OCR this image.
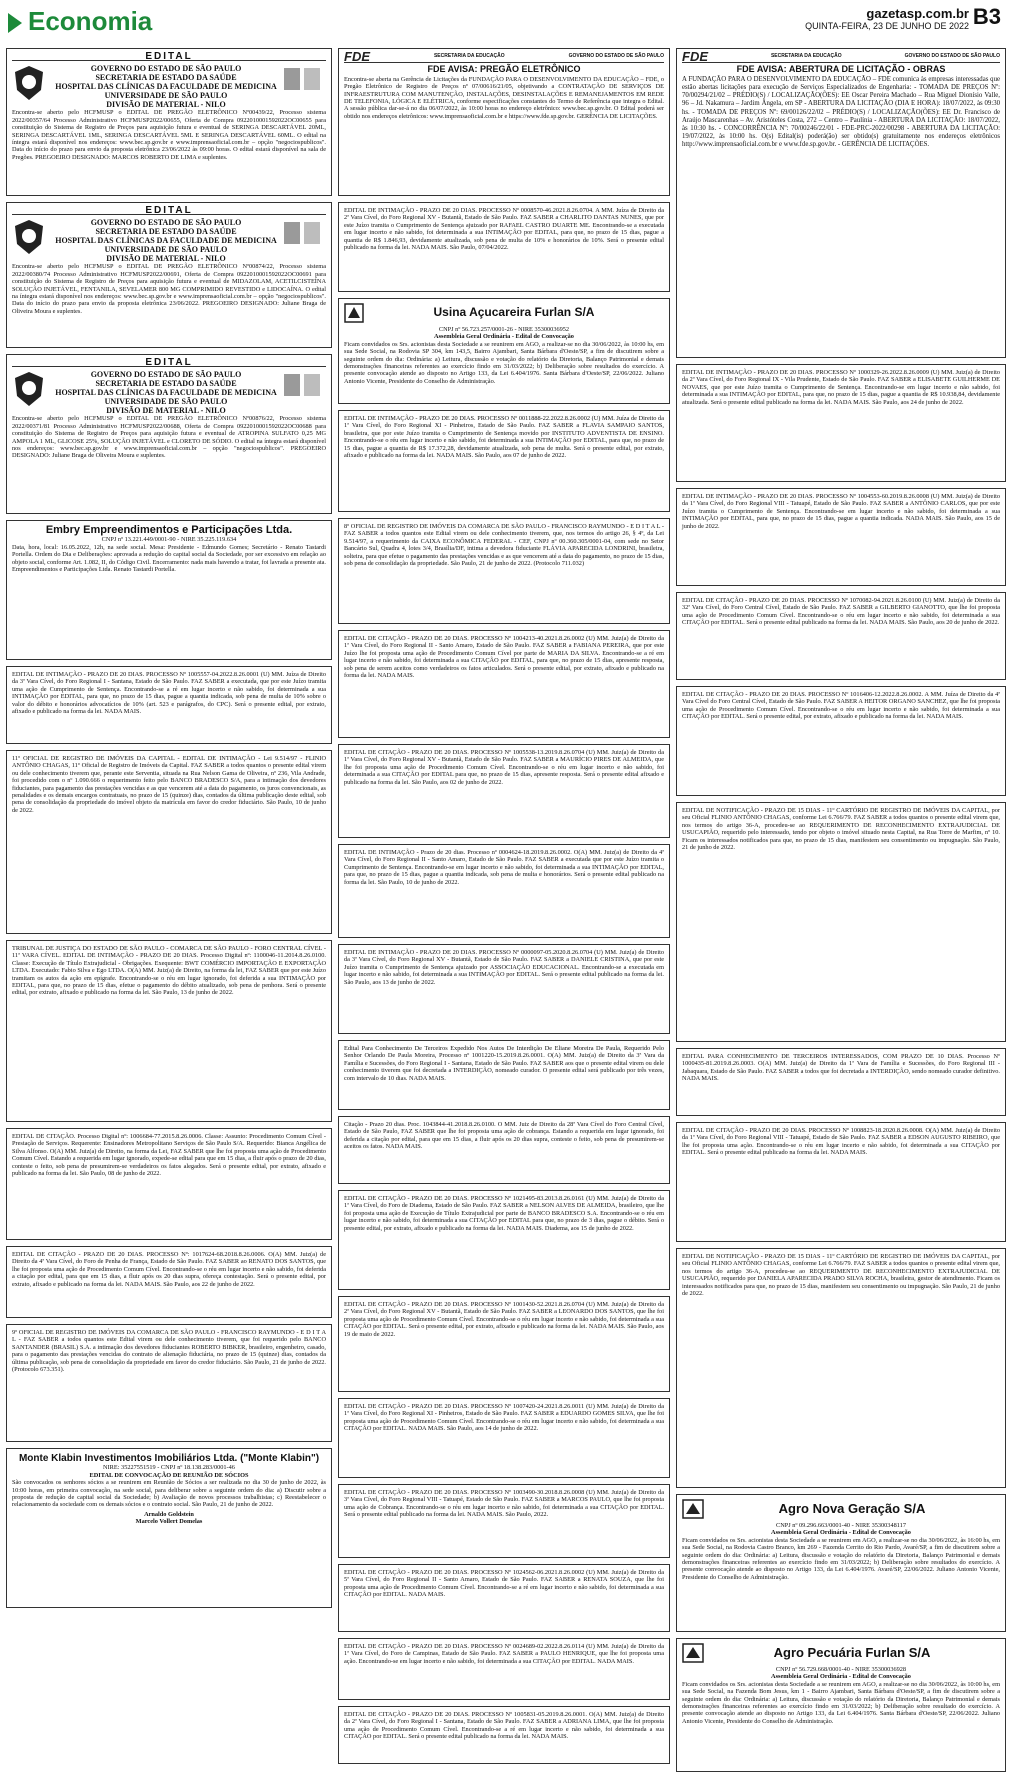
Economia	gazetasp.com.br
QUINTA-FEIRA, 23 DE JUNHO DE 2022 B3
EDITAL
GOVERNO DO ESTADO DE SÃO PAULO
SECRETARIA DE ESTADO DA SAÚDE
HOSPITAL DAS CLÍNICAS DA FACULDADE DE MEDICINA
UNIVERSIDADE DE SÃO PAULO
DIVISÃO DE MATERIAL - NILO

Encontra-se aberto pelo HCFMUSP o EDITAL DE PREGÃO ELETRÔNICO Nº00439/22, Processo sistema 2022/00357/64 Processo Administrativo HCFMUSP2022/00655, Oferta de Compra 0922010001592022OC00655 para constituição do Sistema de Registro de Preços para aquisição futura e eventual de SERINGA DESCARTÁVEL 20ML, SERINGA DESCARTÁVEL 1ML, SERINGA DESCARTÁVEL 5ML E SERINGA DESCARTÁVEL 60ML. O edital na íntegra estará disponível nos endereços: www.bec.sp.gov.br e www.imprensaoficial.com.br – opção "negociospublicos". Data do início do prazo para envio da proposta eletrônica 23/06/2022 às 09:00 horas. O edital estará disponível na sala de Pregões. PREGOEIRO DESIGNADO: MARCOS ROBERTO DE LIMA e suplentes.

EDITAL
GOVERNO DO ESTADO DE SÃO PAULO
SECRETARIA DE ESTADO DA SAÚDE
HOSPITAL DAS CLÍNICAS DA FACULDADE DE MEDICINA
UNIVERSIDADE DE SÃO PAULO
DIVISÃO DE MATERIAL - NILO

Encontra-se aberto pelo HCFMUSP o EDITAL DE PREGÃO ELETRÔNICO Nº00874/22, Processo sistema 2022/00380/74 Processo Administrativo HCFMUSP2022/00691, Oferta de Compra 0922010001592022OC00691 para constituição do Sistema de Registro de Preços para aquisição futura e eventual de MIDAZOLAM, ACETILCISTEÍNA SOLUÇÃO INJETÁVEL, FENTANILA, SEVELAMER 800 MG COMPRIMIDO REVESTIDO e LIDOCAÍNA. O edital na íntegra estará disponível nos endereços: www.bec.sp.gov.br e www.imprensaoficial.com.br – opção "negociospublicos". Data do início do prazo para envio da proposta eletrônica 23/06/2022. PREGOEIRO DESIGNADO: Juliane Braga de Oliveira Moura e suplentes.

EDITAL
GOVERNO DO ESTADO DE SÃO PAULO
SECRETARIA DE ESTADO DA SAÚDE
HOSPITAL DAS CLÍNICAS DA FACULDADE DE MEDICINA
UNIVERSIDADE DE SÃO PAULO
DIVISÃO DE MATERIAL - NILO

Encontra-se aberto pelo HCFMUSP o EDITAL DE PREGÃO ELETRÔNICO Nº00876/22, Processo sistema 2022/00371/81 Processo Administrativo HCFMUSP2022/00688, Oferta de Compra 0922010001592022OC00688 para constituição do Sistema de Registro de Preços para aquisição futura e eventual de ATROPINA SULFATO 0,25 MG AMPOLA 1 ML, GLICOSE 25%, SOLUÇÃO INJETÁVEL e CLORETO DE SÓDIO. O edital na íntegra estará disponível nos endereços: www.bec.sp.gov.br e www.imprensaoficial.com.br – opção "negociospublicos". PREGOEIRO DESIGNADO: Juliane Braga de Oliveira Moura e suplentes.

Embry Empreendimentos e Participações Ltda.
CNPJ nº 13.221.449/0001-90 - NIRE 35.225.119.634

Data, hora, local: 16.05.2022, 12h, na sede social. Mesa: Presidente - Edmundo Gomes; Secretário - Renato Tastardi Portella. Ordem do Dia e Deliberações: aprovada a redução do capital social da Sociedade, por ser excessivo em relação ao objeto social, conforme Art. 1.082, II, do Código Civil. Encerramento: nada mais havendo a tratar, foi lavrada a presente ata. Empreendimentos e Participações Ltda. Renato Tastardi Portella.

EDITAL DE INTIMAÇÃO - PRAZO DE 20 DIAS. PROCESSO Nº 1005557-04.2022.8.26.0001 (U) MM. Juíza de Direito da 3ª Vara Cível, do Foro Regional I - Santana, Estado de São Paulo. FAZ SABER a executada, que por este Juízo tramita uma ação de Cumprimento de Sentença. Encontrando-se a ré em lugar incerto e não sabido, foi determinada a sua INTIMAÇÃO por EDITAL, para que, no prazo de 15 dias, pague a quantia indicada, sob pena de multa de 10% sobre o valor do débito e honorários advocatícios de 10% (art. 523 e parágrafos, do CPC). Será o presente edital, por extrato, afixado e publicado na forma da lei. NADA MAIS.

11º OFICIAL DE REGISTRO DE IMÓVEIS DA CAPITAL - EDITAL DE INTIMAÇÃO - Lei 9.514/97 - FLINIO ANTÔNIO CHAGAS, 11º Oficial de Registro de Imóveis da Capital. FAZ SABER a todos quantos o presente edital virem ou dele conhecimento tiverem que, perante este Serventia, situada na Rua Nelson Gama de Oliveira, nº 236, Vila Andrade, foi procedido com o nº 1.090.666 o requerimento feito pelo BANCO BRADESCO S/A, para a intimação dos devedores fiduciantes, para pagamento das prestações vencidas e as que vencerem até a data do pagamento, os juros convencionais, as penalidades e os demais encargos contratuais, no prazo de 15 (quinze) dias, contados da última publicação deste edital, sob pena de consolidação da propriedade do imóvel objeto da matrícula em favor do credor fiduciário. São Paulo, 10 de junho de 2022.

TRIBUNAL DE JUSTIÇA DO ESTADO DE SÃO PAULO - COMARCA DE SÃO PAULO - FORO CENTRAL CÍVEL - 11ª VARA CÍVEL. EDITAL DE INTIMAÇÃO - PRAZO DE 20 DIAS. Processo Digital nº: 1100046-11.2014.8.26.0100. Classe: Execução de Título Extrajudicial - Obrigações. Exequente: BWT COMÉRCIO IMPORTAÇÃO E EXPORTAÇÃO LTDA. Executado: Fabio Silva e Ego LTDA. O(A) MM. Juiz(a) de Direito, na forma da lei, FAZ SABER que por este Juízo tramitam os autos da ação em epígrafe. Encontrando-se o réu em lugar ignorado, foi deferida a sua INTIMAÇÃO por EDITAL, para que, no prazo de 15 dias, efetue o pagamento do débito atualizado, sob pena de penhora. Será o presente edital, por extrato, afixado e publicado na forma da lei. São Paulo, 13 de junho de 2022.

EDITAL DE CITAÇÃO. Processo Digital nº: 1006684-77.2015.8.26.0006. Classe: Assunto: Procedimento Comum Cível - Prestação de Serviços. Requerente: Ensinadores Metropolitano Serviços de São Paulo S/A. Requerido: Bianca Angélica de Silva Alfonso. O(A) MM. Juiz(a) de Direito, na forma da Lei, FAZ SABER que lhe foi proposta uma ação de Procedimento Comum Cível. Estando a requerida em lugar ignorado, expede-se edital para que em 15 dias, a fluir após o prazo de 20 dias, conteste o feito, sob pena de presumirem-se verdadeiros os fatos alegados. Será o presente edital, por extrato, afixado e publicado na forma da lei. São Paulo, 08 de junho de 2022.

EDITAL DE CITAÇÃO - PRAZO DE 20 DIAS. PROCESSO Nº: 1017624-68.2018.8.26.0006. O(A) MM. Juiz(a) de Direito da 4ª Vara Cível, do Foro de Penha de França, Estado de São Paulo. FAZ SABER ao RENATO DOS SANTOS, que lhe foi proposta uma ação de Procedimento Comum Cível. Encontrando-se o réu em lugar incerto e não sabido, foi deferida a citação por edital, para que em 15 dias, a fluir após os 20 dias supra, ofereça contestação. Será o presente edital, por extrato, afixado e publicado na forma da lei. NADA MAIS. São Paulo, aos 22 de junho de 2022.

9º OFICIAL DE REGISTRO DE IMÓVEIS DA COMARCA DE SÃO PAULO - FRANCISCO RAYMUNDO - E D I T A L - FAZ SABER a todos quantos este Edital virem ou dele conhecimento tiverem, que foi requerido pelo BANCO SANTANDER (BRASIL) S.A. a intimação dos devedores fiduciantes ROBERTO BIBKER, brasileiro, engenheiro, casado, para o pagamento das prestações vencidas do contrato de alienação fiduciária, no prazo de 15 (quinze) dias, contados da última publicação, sob pena de consolidação da propriedade em favor do credor fiduciário. São Paulo, 21 de junho de 2022. (Protocolo 673.351).

Monte Klabin Investimentos Imobiliários Ltda. ("Monte Klabin")
NIRE: 35227551519 - CNPJ nº 18.138.283/0001-46
EDITAL DE CONVOCAÇÃO DE REUNIÃO DE SÓCIOS

São convocados os senhores sócios a se reunirem em Reunião de Sócios a ser realizada no dia 30 de junho de 2022, às 10:00 horas, em primeira convocação, na sede social, para deliberar sobre a seguinte ordem do dia: a) Discutir sobre a proposta de redução de capital social da Sociedade; b) Avaliação de novos processos trabalhistas; c) Reestabelecer o relacionamento da sociedade com os demais sócios e o contrato social. São Paulo, 21 de junho de 2022.

Arnaldo Goldstein
Marcelo Vollert Domelas
FDE	SECRETARIA DA EDUCAÇÃO	GOVERNO DO ESTADO DE SÃO PAULO
FDE AVISA: PREGÃO ELETRÔNICO

Encontra-se aberta na Gerência de Licitações da FUNDAÇÃO PARA O DESENVOLVIMENTO DA EDUCAÇÃO – FDE, o Pregão Eletrônico de Registro de Preços nº 07/00616/21/05, objetivando a CONTRATAÇÃO DE SERVIÇOS DE INFRAESTRUTURA COM MANUTENÇÃO, INSTALAÇÕES, DESINSTALAÇÕES E REMANEJAMENTOS EM REDE DE TELEFONIA, LÓGICA E ELÉTRICA, conforme especificações constantes do Termo de Referência que integra o Edital. A sessão pública dar-se-á no dia 06/07/2022, às 10:00 horas no endereço eletrônico: www.bec.sp.gov.br. O Edital poderá ser obtido nos endereços eletrônicos: www.imprensaoficial.com.br e https://www.fde.sp.gov.br. GERÊNCIA DE LICITAÇÕES.

EDITAL DE INTIMAÇÃO - PRAZO DE 20 DIAS. PROCESSO Nº 0008570-46.2021.8.26.0704. A MM. Juíza de Direito da 2ª Vara Cível, do Foro Regional XV - Butantã, Estado de São Paulo. FAZ SABER a CHARLITO DANTAS NUNES, que por este Juízo tramita o Cumprimento de Sentença ajuizado por RAFAEL CASTRO DUARTE ME. Encontrando-se a executada em lugar incerto e não sabido, foi determinada a sua INTIMAÇÃO por EDITAL, para que, no prazo de 15 dias, pague a quantia de R$ 1.846,93, devidamente atualizada, sob pena de multa de 10% e honorários de 10%. Será o presente edital publicado na forma da lei. NADA MAIS. São Paulo, 07/04/2022.

Usina Açucareira Furlan S/A
CNPJ nº 56.723.257/0001-26 - NIRE 35300036952
Assembleia Geral Ordinária - Edital de Convocação

Ficam convidados os Srs. acionistas desta Sociedade a se reunirem em AGO, a realizar-se no dia 30/06/2022, às 10:00 hs, em sua Sede Social, na Rodovia SP 304, km 143,5, Bairro Ajambari, Santa Bárbara d'Oeste/SP, a fim de discutirem sobre a seguinte ordem do dia: Ordinária: a) Leitura, discussão e votação do relatório da Diretoria, Balanço Patrimonial e demais demonstrações financeiras referentes ao exercício findo em 31/03/2022; b) Deliberação sobre resultados do exercício. A presente convocação atende ao disposto no Artigo 133, da Lei 6.404/1976. Santa Bárbara d'Oeste/SP, 22/06/2022. Juliano Antonio Vicente, Presidente do Conselho de Administração.

EDITAL DE INTIMAÇÃO - PRAZO DE 20 DIAS. PROCESSO Nº 0011888-22.2022.8.26.0002 (U) MM. Juíza de Direito da 1ª Vara Cível, do Foro Regional XI - Pinheiros, Estado de São Paulo. FAZ SABER a FLAVIA SAMPAIO SANTOS, brasileira, que por este Juízo tramita o Cumprimento de Sentença movido por INSTITUTO ADVENTISTA DE ENSINO. Encontrando-se o réu em lugar incerto e não sabido, foi determinada a sua INTIMAÇÃO por EDITAL, para que, no prazo de 15 dias, pague a quantia de R$ 17.372,28, devidamente atualizada, sob pena de multa. Será o presente edital, por extrato, afixado e publicado na forma da lei. NADA MAIS. São Paulo, aos 07 de junho de 2022.

8º OFICIAL DE REGISTRO DE IMÓVEIS DA COMARCA DE SÃO PAULO - FRANCISCO RAYMUNDO - E D I T A L - FAZ SABER a todos quantos este Edital virem ou dele conhecimento tiverem, que, nos termos do artigo 26, § 4º, da Lei 9.514/97, a requerimento da CAIXA ECONÔMICA FEDERAL - CEF, CNPJ nº 00.360.305/0001-04, com sede no Setor Bancário Sul, Quadra 4, lotes 3/4, Brasília/DF, intima a devedora fiduciante FLÁVIA APARECIDA LONDRINI, brasileira, solteira, para que efetue o pagamento das prestações vencidas e as que vencerem até a data do pagamento, no prazo de 15 dias, sob pena de consolidação da propriedade. São Paulo, 21 de junho de 2022. (Protocolo 711.032)

EDITAL DE CITAÇÃO - PRAZO DE 20 DIAS. PROCESSO Nº 1004213-40.2021.8.26.0002 (U) MM. Juiz(a) de Direito da 1ª Vara Cível, do Foro Regional II - Santo Amaro, Estado de São Paulo. FAZ SABER a FABIANA PEREIRA, que por este Juízo lhe foi proposta uma ação de Procedimento Comum Cível por parte de MARIA DA SILVA. Encontrando-se a ré em lugar incerto e não sabido, foi determinada a sua CITAÇÃO por EDITAL, para que, no prazo de 15 dias, apresente resposta, sob pena de serem aceitos como verdadeiros os fatos articulados. Será o presente edital, por extrato, afixado e publicado na forma da lei. NADA MAIS.

EDITAL DE CITAÇÃO - PRAZO DE 20 DIAS. PROCESSO Nº 1005538-13.2019.8.26.0704 (U) MM. Juiz(a) de Direito da 1ª Vara Cível, do Foro Regional XV - Butantã, Estado de São Paulo. FAZ SABER a MAURÍCIO PIRES DE ALMEIDA, que lhe foi proposta uma ação de Procedimento Comum Cível. Encontrando-se o réu em lugar incerto e não sabido, foi determinada a sua CITAÇÃO por EDITAL para que, no prazo de 15 dias, apresente resposta. Será o presente edital afixado e publicado na forma da lei. São Paulo, aos 02 de junho de 2022.

EDITAL DE INTIMAÇÃO - Prazo de 20 dias. Processo nº 0004624-18.2019.8.26.0002. O(A) MM. Juiz(a) de Direito da 4ª Vara Cível, do Foro Regional II - Santo Amaro, Estado de São Paulo. FAZ SABER a executada que por este Juízo tramita o Cumprimento de Sentença. Encontrando-se em lugar incerto e não sabido, foi determinada a sua INTIMAÇÃO por EDITAL, para que, no prazo de 15 dias, pague a quantia indicada, sob pena de multa e honorários. Será o presente edital publicado na forma da lei. São Paulo, 10 de junho de 2022.

EDITAL DE INTIMAÇÃO - PRAZO DE 20 DIAS. PROCESSO Nº 0000097-05.2020.8.26.0704 (U) MM. Juiz(a) de Direito da 3ª Vara Cível, do Foro Regional XV - Butantã, Estado de São Paulo. FAZ SABER a DANIELE CRISTINA, que por este Juízo tramita o Cumprimento de Sentença ajuizado por ASSOCIAÇÃO EDUCACIONAL. Encontrando-se a executada em lugar incerto e não sabido, foi determinada a sua INTIMAÇÃO por EDITAL. Será o presente edital publicado na forma da lei. São Paulo, aos 13 de junho de 2022.

Edital Para Conhecimento De Terceiros Expedido Nos Autos De Interdição De Eliane Moreira De Paula, Requerido Pelo Senhor Orlando De Paula Moreira, Processo nº 1001220-15.2019.8.26.0001. O(A) MM. Juiz(a) de Direito da 3ª Vara da Família e Sucessões, do Foro Regional I - Santana, Estado de São Paulo. FAZ SABER aos que o presente edital virem ou dele conhecimento tiverem que foi decretada a INTERDIÇÃO, nomeado curador. O presente edital será publicado por três vezes, com intervalo de 10 dias. NADA MAIS.

Citação - Prazo 20 dias. Proc. 1043844-41.2018.8.26.0100. O MM. Juiz de Direito da 28ª Vara Cível do Foro Central Cível, Estado de São Paulo, FAZ SABER que lhe foi proposta uma ação de cobrança. Estando a requerida em lugar ignorado, foi deferida a citação por edital, para que em 15 dias, a fluir após os 20 dias supra, conteste o feito, sob pena de presumirem-se aceitos os fatos. NADA MAIS.

EDITAL DE CITAÇÃO - PRAZO DE 20 DIAS. PROCESSO Nº 1021495-83.2013.8.26.0161 (U) MM. Juiz(a) de Direito da 1ª Vara Cível, do Foro de Diadema, Estado de São Paulo. FAZ SABER a NELSON ALVES DE ALMEIDA, brasileiro, que lhe foi proposta uma ação de Execução de Título Extrajudicial por parte de BANCO BRADESCO S.A. Encontrando-se o réu em lugar incerto e não sabido, foi determinada a sua CITAÇÃO por EDITAL para que, no prazo de 3 dias, pague o débito. Será o presente edital, por extrato, afixado e publicado na forma da lei. NADA MAIS. Diadema, aos 15 de junho de 2022.

EDITAL DE CITAÇÃO - PRAZO DE 20 DIAS. PROCESSO Nº 1001430-52.2021.8.26.0704 (U) MM. Juiz(a) de Direito da 2ª Vara Cível, do Foro Regional XV - Butantã, Estado de São Paulo. FAZ SABER a LEONARDO DOS SANTOS, que lhe foi proposta uma ação de Procedimento Comum Cível. Encontrando-se o réu em lugar incerto e não sabido, foi determinada a sua CITAÇÃO por EDITAL. Será o presente edital, por extrato, afixado e publicado na forma da lei. NADA MAIS. São Paulo, aos 19 de maio de 2022.

EDITAL DE CITAÇÃO - PRAZO DE 20 DIAS. PROCESSO Nº 1007420-24.2021.8.26.0011 (U) MM. Juiz(a) de Direito da 1ª Vara Cível, do Foro Regional XI - Pinheiros, Estado de São Paulo. FAZ SABER a EDUARDO GOMES SILVA, que lhe foi proposta uma ação de Procedimento Comum Cível. Encontrando-se o réu em lugar incerto e não sabido, foi determinada a sua CITAÇÃO por EDITAL. NADA MAIS. São Paulo, aos 14 de junho de 2022.

EDITAL DE CITAÇÃO - PRAZO DE 20 DIAS. PROCESSO Nº 1003490-30.2018.8.26.0008 (U) MM. Juiz(a) de Direito da 3ª Vara Cível, do Foro Regional VIII - Tatuapé, Estado de São Paulo. FAZ SABER a MARCOS PAULO, que lhe foi proposta uma ação de Cobrança. Encontrando-se o réu em lugar incerto e não sabido, foi determinada a sua CITAÇÃO por EDITAL. Será o presente edital publicado na forma da lei. NADA MAIS. São Paulo, 2022.

EDITAL DE CITAÇÃO - PRAZO DE 20 DIAS. PROCESSO Nº 1024562-06.2021.8.26.0002 (U) MM. Juiz(a) de Direito da 5ª Vara Cível, do Foro Regional II - Santo Amaro, Estado de São Paulo. FAZ SABER a RENATA SOUZA, que lhe foi proposta uma ação de Procedimento Comum Cível. Encontrando-se a ré em lugar incerto e não sabido, foi determinada a sua CITAÇÃO por EDITAL. NADA MAIS.

EDITAL DE CITAÇÃO - PRAZO DE 20 DIAS. PROCESSO Nº 0024689-02.2022.8.26.0114 (U) MM. Juiz(a) de Direito da 1ª Vara Cível, do Foro de Campinas, Estado de São Paulo. FAZ SABER a PAULO HENRIQUE, que lhe foi proposta uma ação. Encontrando-se em lugar incerto e não sabido, foi determinada a sua CITAÇÃO por EDITAL. NADA MAIS.

EDITAL DE CITAÇÃO - PRAZO DE 20 DIAS. PROCESSO Nº 1005831-05.2019.8.26.0001. O(A) MM. Juiz(a) de Direito da 2ª Vara Cível, do Foro Regional I - Santana, Estado de São Paulo. FAZ SABER a ADRIANA LIMA, que lhe foi proposta uma ação de Procedimento Comum Cível. Encontrando-se a ré em lugar incerto e não sabido, foi determinada a sua CITAÇÃO por EDITAL. Será o presente edital publicado na forma da lei. NADA MAIS.

FDE	SECRETARIA DA EDUCAÇÃO	GOVERNO DO ESTADO DE SÃO PAULO
FDE AVISA: ABERTURA DE LICITAÇÃO - OBRAS

A FUNDAÇÃO PARA O DESENVOLVIMENTO DA EDUCAÇÃO – FDE comunica às empresas interessadas que estão abertas licitações para execução de Serviços Especializados de Engenharia: - TOMADA DE PREÇOS Nº: 70/00294/21/02 – PRÉDIO(S) / LOCALIZAÇÃO(ÕES): EE Oscar Pereira Machado – Rua Miguel Dionísio Valle, 96 – Jd. Nakamura – Jardim Ângela, em SP - ABERTURA DA LICITAÇÃO (DIA E HORA): 18/07/2022, às 09:30 hs. - TOMADA DE PREÇOS Nº: 69/00126/22/02 – PRÉDIO(S) / LOCALIZAÇÃO(ÕES): EE Dr. Francisco de Araújo Mascarenhas – Av. Aristóteles Costa, 272 – Centro – Paulínia - ABERTURA DA LICITAÇÃO: 18/07/2022, às 10:30 hs. - CONCORRÊNCIA Nº: 70/00246/22/01 - FDE-PRC-2022/00298 - ABERTURA DA LICITAÇÃO: 19/07/2022, às 10:00 hs. O(s) Edital(is) poderá(ão) ser obtido(s) gratuitamente nos endereços eletrônicos http://www.imprensaoficial.com.br e www.fde.sp.gov.br. - GERÊNCIA DE LICITAÇÕES.

EDITAL DE INTIMAÇÃO - PRAZO DE 20 DIAS. PROCESSO Nº 1000329-26.2022.8.26.0009 (U) MM. Juiz(a) de Direito da 2ª Vara Cível, do Foro Regional IX - Vila Prudente, Estado de São Paulo. FAZ SABER a ELISABETE GUILHERME DE NOVAES, que por este Juízo tramita o Cumprimento de Sentença. Encontrando-se em lugar incerto e não sabido, foi determinada a sua INTIMAÇÃO por EDITAL, para que, no prazo de 15 dias, pague a quantia de R$ 10.938,84, devidamente atualizada. Será o presente edital publicado na forma da lei. NADA MAIS. São Paulo, aos 24 de junho de 2022.

EDITAL DE INTIMAÇÃO - PRAZO DE 20 DIAS. PROCESSO Nº 1004553-60.2019.8.26.0008 (U) MM. Juiz(a) de Direito da 1ª Vara Cível, do Foro Regional VIII - Tatuapé, Estado de São Paulo. FAZ SABER a ANTÔNIO CARLOS, que por este Juízo tramita o Cumprimento de Sentença. Encontrando-se em lugar incerto e não sabido, foi determinada a sua INTIMAÇÃO por EDITAL, para que, no prazo de 15 dias, pague a quantia indicada. NADA MAIS. São Paulo, aos 15 de junho de 2022.

EDITAL DE CITAÇÃO - PRAZO DE 20 DIAS. PROCESSO Nº 1070082-94.2021.8.26.0100 (U) MM. Juiz(a) de Direito da 32ª Vara Cível, do Foro Central Cível, Estado de São Paulo. FAZ SABER a GILBERTO GIANOTTO, que lhe foi proposta uma ação de Procedimento Comum Cível. Encontrando-se o réu em lugar incerto e não sabido, foi determinada a sua CITAÇÃO por EDITAL. Será o presente edital publicado na forma da lei. NADA MAIS. São Paulo, aos 20 de junho de 2022.

EDITAL DE CITAÇÃO - PRAZO DE 20 DIAS. PROCESSO Nº 1016406-12.2022.8.26.0002. A MM. Juíza de Direito da 4ª Vara Cível do Foro Central Cível, Estado de São Paulo. FAZ SABER A HEITOR ORGANO SANCHEZ, que lhe foi proposta uma ação de Procedimento Comum Cível. Encontrando-se o réu em lugar incerto e não sabido, foi determinada a sua CITAÇÃO por EDITAL. Será o presente edital, por extrato, afixado e publicado na forma da lei. NADA MAIS.

EDITAL DE NOTIFICAÇÃO - PRAZO DE 15 DIAS - 11º CARTÓRIO DE REGISTRO DE IMÓVEIS DA CAPITAL, por seu Oficial FLINIO ANTÔNIO CHAGAS, conforme Lei 6.766/79. FAZ SABER a todos quantos o presente edital virem que, nos termos do artigo 36-A, procedeu-se ao REQUERIMENTO DE RECONHECIMENTO EXTRAJUDICIAL DE USUCAPIÃO, requerido pelo interessado, tendo por objeto o imóvel situado nesta Capital, na Rua Torre de Marfim, nº 10. Ficam os interessados notificados para que, no prazo de 15 dias, manifestem seu consentimento ou impugnação. São Paulo, 21 de junho de 2022.

EDITAL PARA CONHECIMENTO DE TERCEIROS INTERESSADOS, COM PRAZO DE 10 DIAS. Processo Nº 1000435-81.2019.8.26.0003. O(A) MM. Juiz(a) de Direito da 1ª Vara de Família e Sucessões, do Foro Regional III - Jabaquara, Estado de São Paulo. FAZ SABER a todos que foi decretada a INTERDIÇÃO, sendo nomeado curador definitivo. NADA MAIS.

EDITAL DE CITAÇÃO - PRAZO DE 20 DIAS. PROCESSO Nº 1008823-18.2020.8.26.0008. O(A) MM. Juiz(a) de Direito da 1ª Vara Cível, do Foro Regional VIII - Tatuapé, Estado de São Paulo. FAZ SABER a EDSON AUGUSTO RIBEIRO, que lhe foi proposta uma ação. Encontrando-se o réu em lugar incerto e não sabido, foi determinada a sua CITAÇÃO por EDITAL. Será o presente edital publicado na forma da lei. NADA MAIS.

EDITAL DE NOTIFICAÇÃO - PRAZO DE 15 DIAS - 11º CARTÓRIO DE REGISTRO DE IMÓVEIS DA CAPITAL, por seu Oficial FLINIO ANTÔNIO CHAGAS, conforme Lei 6.766/79. FAZ SABER a todos quantos o presente edital virem que, nos termos do artigo 36-A, procedeu-se ao REQUERIMENTO DE RECONHECIMENTO EXTRAJUDICIAL DE USUCAPIÃO, requerido por DANIELA APARECIDA PRADO SILVA ROCHA, brasileira, gestor de atendimento. Ficam os interessados notificados para que, no prazo de 15 dias, manifestem seu consentimento ou impugnação. São Paulo, 21 de junho de 2022.

Agro Nova Geração S/A
CNPJ nº 09.296.663/0001-40 - NIRE 35300348117
Assembleia Geral Ordinária - Edital de Convocação

Ficam convidados os Srs. acionistas desta Sociedade a se reunirem em AGO, a realizar-se no dia 30/06/2022, às 16:00 hs, em sua Sede Social, na Rodovia Castro Branco, km 269 - Fazenda Cerrito do Rio Pardo, Avaré/SP, a fim de discutirem sobre a seguinte ordem do dia: Ordinária: a) Leitura, discussão e votação do relatório da Diretoria, Balanço Patrimonial e demais demonstrações financeiras referentes ao exercício findo em 31/03/2022; b) Deliberação sobre resultados do exercício. A presente convocação atende ao disposto no Artigo 133, da Lei 6.404/1976. Avaré/SP, 22/06/2022. Juliano Antonio Vicente, Presidente do Conselho de Administração.

Agro Pecuária Furlan S/A
CNPJ nº 56.729.668/0001-40 - NIRE 35300036928
Assembleia Geral Ordinária - Edital de Convocação

Ficam convidados os Srs. acionistas desta Sociedade a se reunirem em AGO, a realizar-se no dia 30/06/2022, às 10:00 hs, em sua Sede Social, na Fazenda Bom Jesus, km 1 - Bairro Ajambari, Santa Bárbara d'Oeste/SP, a fim de discutirem sobre a seguinte ordem do dia: Ordinária: a) Leitura, discussão e votação do relatório da Diretoria, Balanço Patrimonial e demais demonstrações financeiras referentes ao exercício findo em 31/03/2022; b) Deliberação sobre resultado do exercício. A presente convocação atende ao disposto no Artigo 133, da Lei 6.404/1976. Santa Bárbara d'Oeste/SP, 22/06/2022. Juliano Antonio Vicente, Presidente do Conselho de Administração.
